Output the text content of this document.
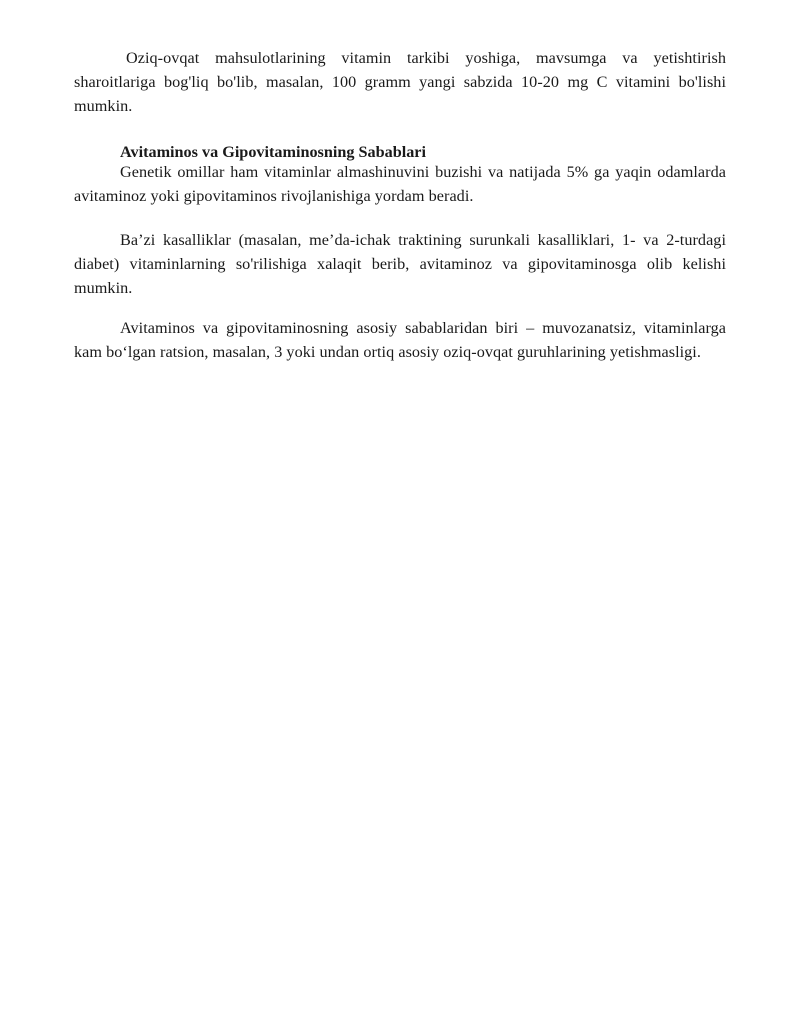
Oziq-ovqat mahsulotlarining vitamin tarkibi yoshiga, mavsumga va yetishtirish sharoitlariga bog'liq bo'lib, masalan, 100 gramm yangi sabzida 10-20 mg C vitamini bo'lishi mumkin.

Avitaminos va Gipovitaminosning Sabablari

Genetik omillar ham vitaminlar almashinuvini buzishi va natijada 5% ga yaqin odamlarda avitaminoz yoki gipovitaminos rivojlanishiga yordam beradi.

Ba’zi kasalliklar (masalan, me’da-ichak traktining surunkali kasalliklari, 1- va 2-turdagi diabet) vitaminlarning so'rilishiga xalaqit berib, avitaminoz va gipovitaminosga olib kelishi mumkin.

Avitaminos va gipovitaminosning asosiy sabablaridan biri – muvozanatsiz, vitaminlarga kam bo‘lgan ratsion, masalan, 3 yoki undan ortiq asosiy oziq-ovqat guruhlarining yetishmasligi.
